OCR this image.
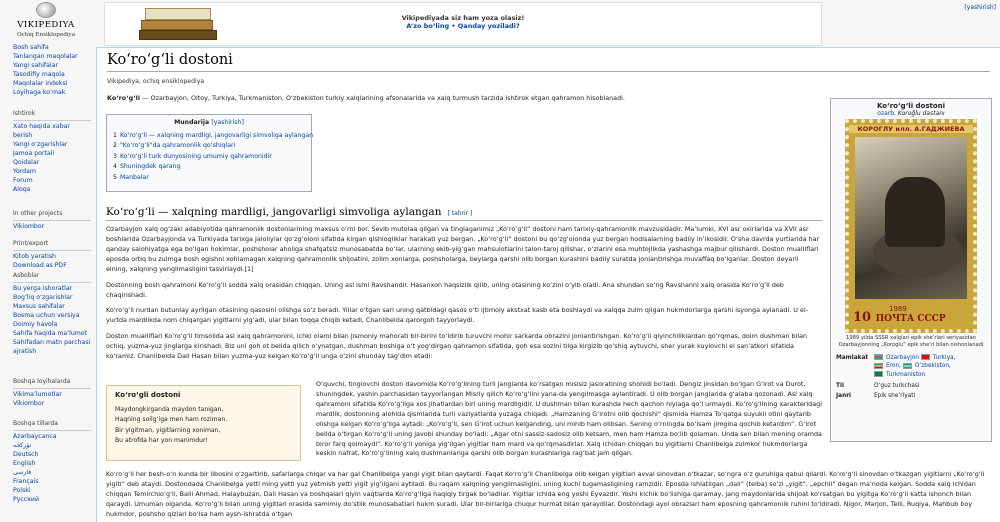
VIKIPEDIYA
Ochiq Ensiklopediya
Bosh sahifa
Tanlangan maqolalar
Yangi sahifalar
Tasodifiy maqola
Maqolalar indeksi
Loyihaga ko‘mak
Ishtirok
Xato haqida xabar berish
Yangi o‘zgarishlar
Jamoa portali
Qoidalar
Yordam
Forum
Aloqa
In other projects
Vikiombor
Print/export
Kitob yaratish
Download as PDF
Asboblar
Bu yerga ishoratlar
Bog‘liq o‘zgarishlar
Maxsus sahifalar
Bosma uchun versiya
Doimiy havola
Sahifa haqida ma’lumot
Sahifadan matn parchasi ajratish
Boshqa loyihalarda
Vikima’lumotlar
Vikiombor
Boshqa tillarda
Azərbaycanca
تۆرکجه
Deutsch
English
فارسی
Français
Polski
Русский
Vikipediyada siz ham yoza olasiz!
A’zo bo‘ling • Qanday yoziladi?
[yashirish]
Ko‘ro‘g‘li dostoni
Vikipediya, ochiq ensiklopediya
Ko‘ro‘g‘li — Ozarbayjon, Oltoy, Turkiya, Turkmaniston, O‘zbekiston turkiy xalqlarining afsonalarida va xalq turmush tarzida ishtirok etgan qahramon hisoblanadi.
Mundarija [yashirish]
1 Ko‘ro‘g‘li — xalqning mardligi, jangovarligi simvoliga aylangan
2 "Ko‘ro‘g‘li"da qahramonlik qo‘shiqlari
3 Ko‘ro‘g‘li turk dunyosining umumiy qahramonidir
4 Shuningdek qarang
5 Manbalar
Ko‘ro‘g‘li — xalqning mardligi, jangovarligi simvoliga aylangan [ tahrir ]
Ozarbayjon xalq og‘zaki adabiyotida qahramonlik dostonlarining maxsus o‘rni bor. Sevib mutolaa qilgan va tinglaganimiz „Ko‘ro‘g‘li“ dostoni ham tarixiy-qahramonlik mavzusidadir. Ma’lumki, XVI asr oxirlarida va XVII asr boshlarida Ozarbayjonda va Turkiyada tarixga Jaloliylar qo‘zg‘oloni sifatida kirgan qishloqliklar harakati yuz bergan. „Ko‘ro‘g‘li“ dostoni bu qo‘zg‘olonda yuz bergan hodisalarning badiiy in’ikosidir. O‘sha davrda yurtlarida har qanday salohiyatga ega bo‘lgan hokimlar, poshsholar aholiga shafqatsiz munosabatda bo‘lar, ularning ekib-yig‘gan mahsulotlarini talon-taroj qilishar, o‘zlarini esa muhtojlikda yashashga majbur qilishardi. Doston mualliflari eposda ortiq bu zulmga bosh egishni xohlamagan xalqning qahramonlik shijoatini, zolim xonlarga, poshsholarga, beylarga qarshi olib borgan kurashini badiiy suratda jonlantirishga muvaffaq bo‘lganlar. Doston deyarli elning, xalqning yengilmasligini tasvirlaydi.[1]
Dostonning bosh qahramoni Ko‘ro‘g‘li sodda xalq orasidan chiqqan. Uning asl ismi Ravshandir. Hasanxon haqsizlik qilib, uning otasining ko‘zini o‘yib oladi. Ana shundan so‘ng Ravshanni xalq orasida Ko‘ro‘g‘li deb chaqirishadi.
Ko‘ro‘g‘li nurdan butunlay ayrilgan otasining qasosini olishga so‘z beradi. Yillar o‘tgan sari uning qatbidagi qasos o‘ti ijtimoiy akstxat kasb eta boshlaydi va xalqqa zulm qilgan hukmdorlarga qarshi isyonga aylanadi. U el-yurtda mardlikda nom chiqargan yigitlarni yig‘adi, ular bilan toqqa chiqib ketadi, Chanlibelda qarorgoh tayyorlaydi.
Doston mualliflari Ko‘ro‘g‘li timsolida asl xalq qahramonini, ichki olami bilan jismoniy mahorati bir-birini to‘ldirib turuvchi mohir sarkarda obrazini jonlantirishgan. Ko‘ro‘g‘li qiyinchiliklardan qo‘rqmas, doim dushman bilan ochiq, yuzma-yuz jinglarga kirishadi. Biz uni goh ot belida qilich o‘ynatgan, dushman boshiga o‘t yog‘dirgan qahramon sifatida, goh esa sozini tilga kirgizib qo‘shiq aytuvchi, sher yurak kuylovchi el san’atkori sifatida ko‘ramiz. Chanlibelda Dali Hasan bilan yuzma-yuz kelgan Ko‘ro‘g‘li unga o‘zini shunday tag‘dim etadi:
Ko‘ro‘gli dostoni
Maydongkirganda maydon tanigan,
Haqning soilg‘iga men ham roziman.
Bir yigitman, yigitlarning xoniman,
Bu atrofda har yon manimdur!
O‘quvchi, tinglovchi doston davomida Ko‘ro‘g‘lining turli janglarda ko‘rsatgan mislsiz jasoratining shohidi bo‘ladi. Dengiz jinsidan bo‘lgan G‘irot va Durot, shuningdek, yashin parchasidan tayyorlangan Misriy qilich Ko‘ro‘g‘lini yana-da yengilmasga aylantiradi. U olib borgan janglarida g‘alaba qozonadi. Asl xalq qahramoni sifatida Ko‘ro‘g‘liga xos jihatlardan biri uning mardligidir. U dushman bilan kurashda hech qachon hiylaga qo‘l urmaydi. Ko‘ro‘g‘lining xarakteridagi mardlik, dostonning alohida qismlarida turli vaziyatlarda yuzaga chiqadi. „Hamzaning G‘irotni olib qochishi“ qismida Hamza To‘qatga suyukli otini qaytarib olishga kelgan Ko‘ro‘g‘liga aytadi: „Ko‘ro‘g‘li, sen G‘irot uchun kelganding, uni minib ham olibsan. Sening o‘rningda bo‘lsam jimgina qochib ketardim“. G‘irot belida o‘tirgan Ko‘ro‘g‘li uning javobi shunday bo‘ladi: „Agar otni sassiz-sadosiz olib ketsam, men ham Hamza bo‘lib qolaman. Unda sen bilan mening oramda biror farq qolmaydi“. Ko‘ro‘g‘li yoniga yig‘ilgan yigitlar ham mard va qo‘rqmasdirlar. Xalq ichidan chiqqan bu yigitlarni Chanlibelga zulmkor hukmdorlarga keskin nafrat, Ko‘ro‘g‘lining xalq dushmanlariga qarshi olib borgan kurashlariga rag‘bat jam qilgan.
Ko‘ro‘g‘li her besh-o‘n kunda bir libosini o‘zgartirib, safarlarga chiqar va har gal Chanlibelga yangi yigit bilan qaytardi. Faqat Ko‘ro‘g‘li Chanlibelga olib kelgan yigitlari avval sinovdan o‘tkazar, so‘ngra o‘z guruhiga qabul qilardi. Ko‘ro‘g‘li sinovdan o‘tkazgan yigitlarni „Ko‘ro‘g‘li yigiti“ deb ataydi. Dostondada Chanlibelga yetti ming yetti yuz yetmish yetti yigit yig‘ilgani aytiladi. Bu raqam xalqning yengilmasligini, uning kuchi tugamasligining ramzidir. Eposda ishlatilgan „dali“ (telba) so‘zi „yigit“, „epchil“ degan ma’noda kelgan. Sodda xalq ichidan chiqqan Temirchio‘g‘li, Balli Ahmad, Halaybuzan, Dali Hasan va boshqalari qiyin vaqtlarda Ko‘ro‘g‘liga haqiqiy tirgak bo‘ladilar. Yigitlar ichida eng yoshi Eyvazdir. Yoshi kichik bo‘lishiga qaramay, jang maydonlarida shijoat ko‘rsatgan bu yigitga Ko‘ro‘g‘li katta ishonch bilan qaraydi. Umuman olganda, Ko‘ro‘g‘li bilan uning yigitlari orasida samimiy do‘stlik munosabatlari hukm suradi. Ular bir-birlariga chuqur hurmat bilan qaraydilar. Dostondagi ayol obrazlari ham eposning qahramonlik ruhini to‘ldiradi. Nigor, Marjon, Telli, Ruqiya, Mahbub boy hukmdor, poshsho qizlari bo‘lsa ham aysh-ishratda o‘tgan
Ko‘ro‘g‘li dostoni
ozarb. Koroğlu dastanı
КОРОГЛУ илл. А.ГАДЖИЕВА
1989
10 ПОЧТА СССР
1989 yilda SSSR xalqlari epik she’rlari seriyasidan Ozarbayjonning „Koroglu“ epik she’ri bilan nishonlanadi
Mamlakat	Ozarbayjon Turkiya,
Eron, O‘zbekiston,
Turkmaniston
Til	O‘guz turkchasi
Janri	Epik she’riyati
